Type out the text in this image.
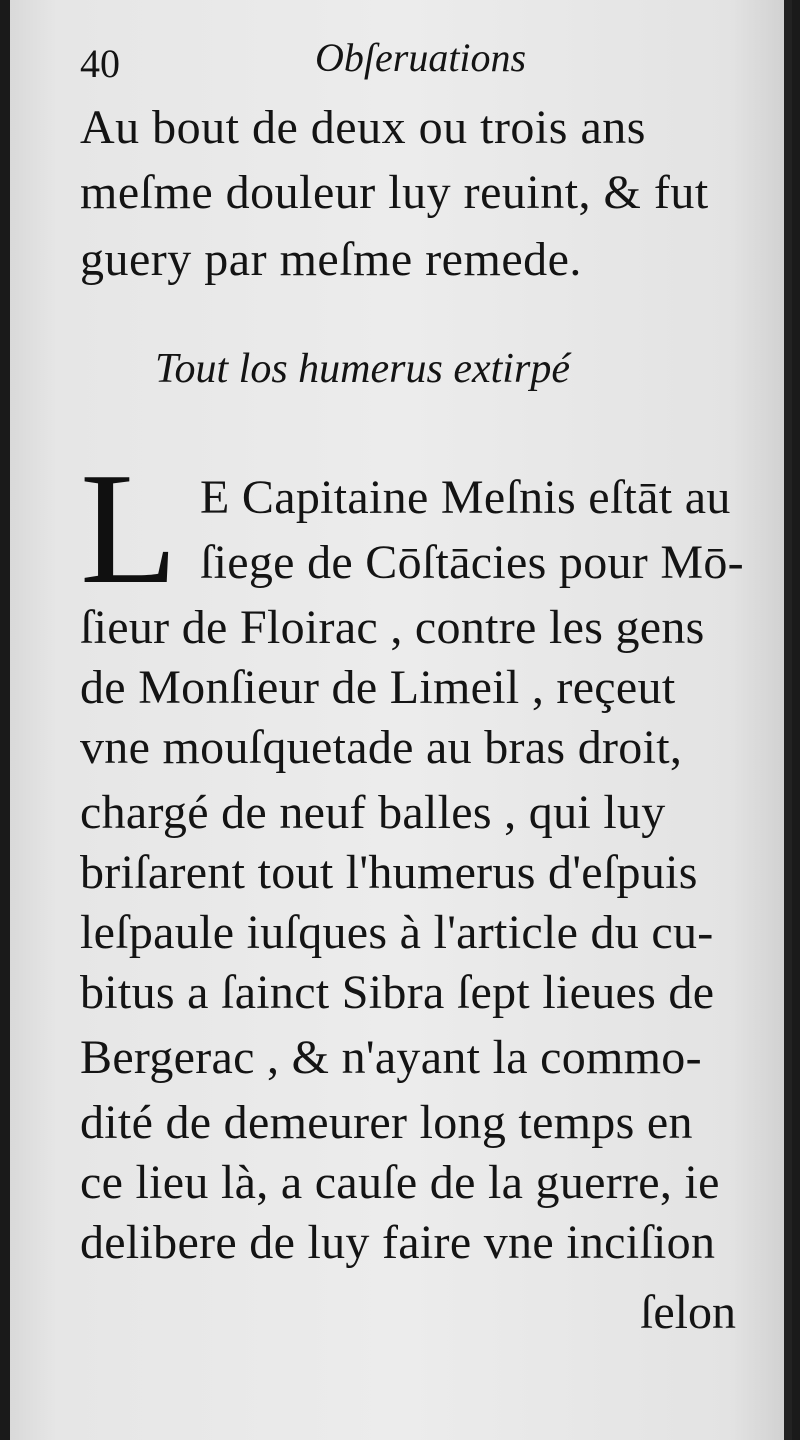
40	Obſeruations
Au bout de deux ou trois ans
meſme douleur luy reuint, & fut
guery par meſme remede.
Tout los humerus extirpé
L E Capitaine Meſnis eſtāt au
ſiege de Cōſtācies pour Mō-
ſieur de Floirac , contre les gens
de Monſieur de Limeil , reçeut
vne mouſquetade au bras droit,
chargé de neuf balles , qui luy
briſarent tout l'humerus d'eſpuis
leſpaule iuſques à l'article du cu-
bitus a ſainct Sibra ſept lieues de
Bergerac , & n'ayant la commo-
dité de demeurer long temps en
ce lieu là, a cauſe de la guerre, ie
delibere de luy faire vne inciſion
ſelon
